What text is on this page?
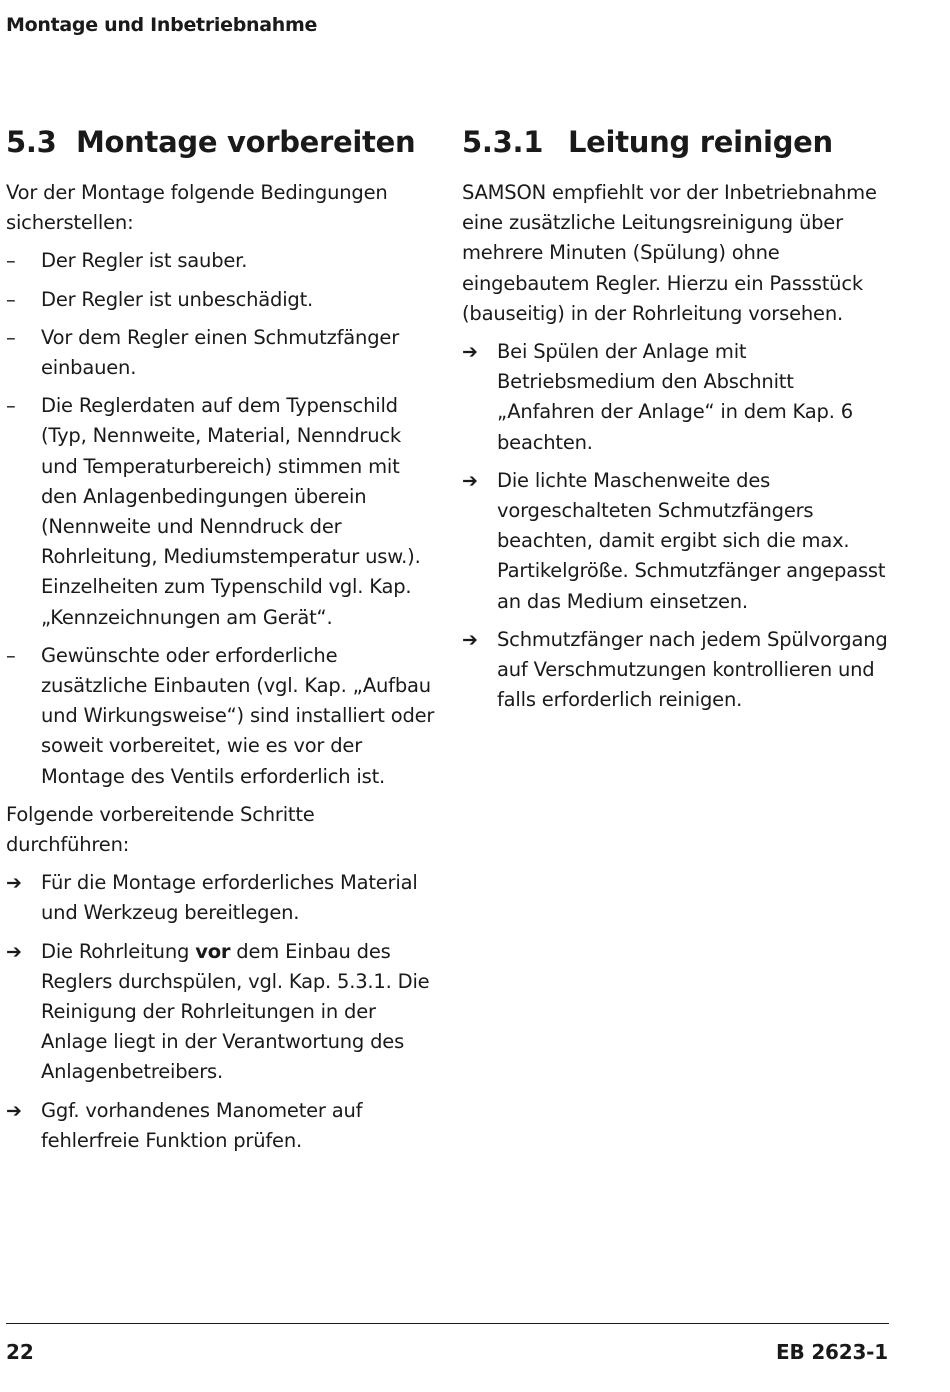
Montage und Inbetriebnahme
5.3 Montage vorbereiten

Vor der Montage folgende Bedingungen sicherstellen:

–	Der Regler ist sauber.
–	Der Regler ist unbeschädigt.
–	Vor dem Regler einen Schmutzfänger einbauen.
–	Die Reglerdaten auf dem Typenschild (Typ, Nennweite, Material, Nenndruck und Temperaturbereich) stimmen mit den Anlagenbedingungen überein (Nennweite und Nenndruck der Rohrleitung, Mediumstemperatur usw.). Einzelheiten zum Typenschild vgl. Kap. „Kennzeichnungen am Gerät“.
–	Gewünschte oder erforderliche zusätzliche Einbauten (vgl. Kap. „Aufbau und Wirkungsweise“) sind installiert oder soweit vorbereitet, wie es vor der Montage des Ventils erforderlich ist.

Folgende vorbereitende Schritte durchführen:

➔ Für die Montage erforderliches Material und Werkzeug bereitlegen.
➔ Die Rohrleitung vor dem Einbau des Reglers durchspülen, vgl. Kap. 5.3.1. Die Reinigung der Rohrleitungen in der Anlage liegt in der Verantwortung des Anlagenbetreibers.
➔ Ggf. vorhandenes Manometer auf fehlerfreie Funktion prüfen.
5.3.1 Leitung reinigen

SAMSON empfiehlt vor der Inbetriebnahme eine zusätzliche Leitungsreinigung über mehrere Minuten (Spülung) ohne eingebautem Regler. Hierzu ein Passstück (bauseitig) in der Rohrleitung vorsehen.

➔ Bei Spülen der Anlage mit Betriebsmedium den Abschnitt „Anfahren der Anlage“ in dem Kap. 6 beachten.
➔ Die lichte Maschenweite des vorgeschalteten Schmutzfängers beachten, damit ergibt sich die max. Partikelgröße. Schmutzfänger angepasst an das Medium einsetzen.
➔ Schmutzfänger nach jedem Spülvorgang auf Verschmutzungen kontrollieren und falls erforderlich reinigen.
22	EB 2623-1
